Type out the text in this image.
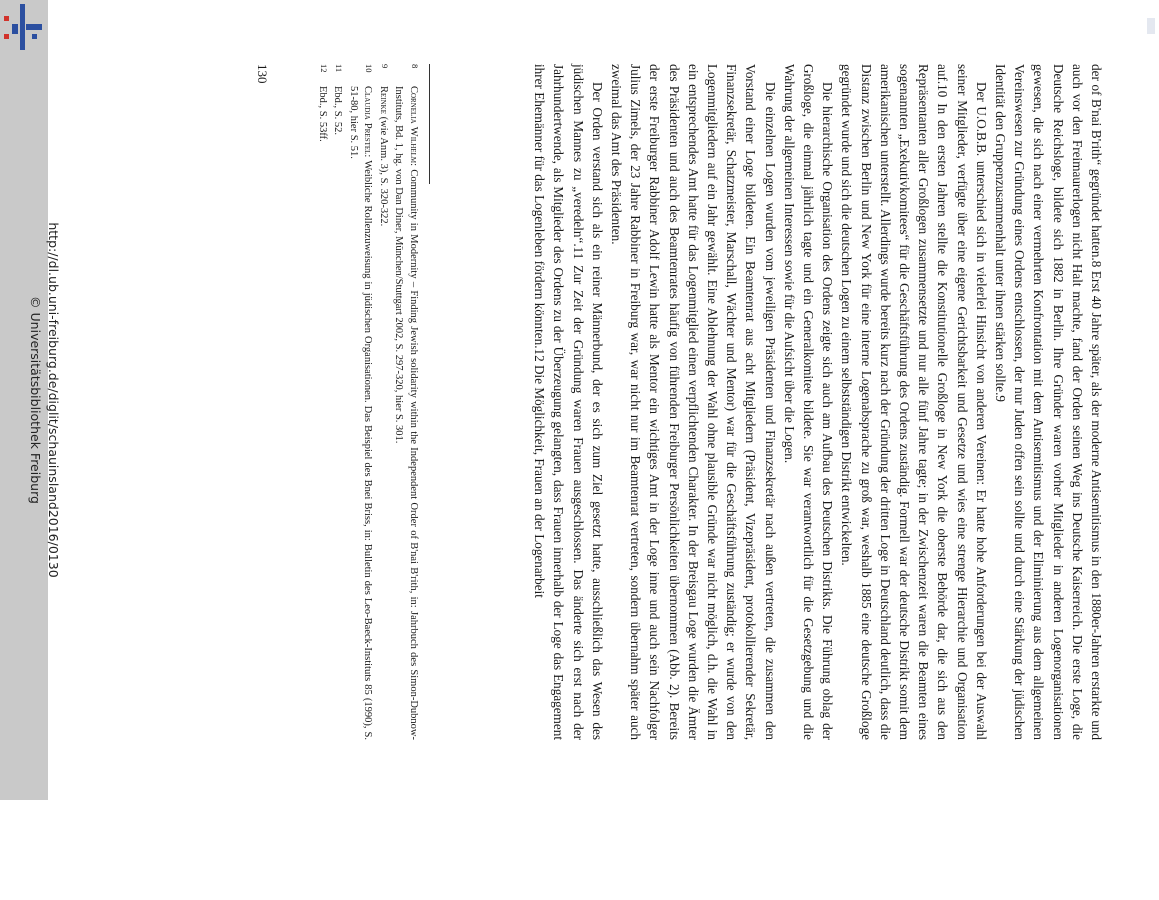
http://dl.ub.uni-freiburg.de/diglit/schauinsland2016/0130
© Universitätsbibliothek Freiburg	der of B'nai B'rith“ gegründet hatten.8 Erst 40 Jahre später, als der moderne Antisemitismus in den 1880er-Jahren erstarkte und auch vor den Freimaurerlogen nicht Halt machte, fand der Orden seinen Weg ins Deutsche Kaiserreich. Die erste Loge, die Deutsche Reichsloge, bildete sich 1882 in Berlin. Ihre Gründer waren vorher Mitglieder in anderen Logenorganisationen gewesen, die sich nach einer vermehrten Konfrontation mit dem Antisemitismus und der Eliminierung aus dem allgemeinen Vereinswesen zur Gründung eines Ordens entschlossen, der nur Juden offen sein sollte und durch eine Stärkung der jüdischen Identität den Gruppenzusammenhalt unter ihnen stärken sollte.9

Der U.O.B.B. unterschied sich in vielerlei Hinsicht von anderen Vereinen: Er hatte hohe Anforderungen bei der Auswahl seiner Mitglieder, verfügte über eine eigene Gerichtsbarkeit und Gesetze und wies eine strenge Hierarchie und Organisation auf.10 In den ersten Jahren stellte die Konstitutionelle Großloge in New York die oberste Behörde dar, die sich aus den Repräsentanten aller Großlogen zusammensetzte und nur alle fünf Jahre tagte; in der Zwischenzeit waren die Beamten eines sogenannten „Exekutivkomitees“ für die Geschäftsführung des Ordens zuständig. Formell war der deutsche Distrikt somit dem amerikanischen unterstellt. Allerdings wurde bereits kurz nach der Gründung der dritten Loge in Deutschland deutlich, dass die Distanz zwischen Berlin und New York für eine interne Logenabsprache zu groß war, weshalb 1885 eine deutsche Großloge gegründet wurde und sich die deutschen Logen zu einem selbstständigen Distrikt entwickelten.

Die hierarchische Organisation des Ordens zeigte sich auch am Aufbau des Deutschen Distrikts. Die Führung oblag der Großloge, die einmal jährlich tagte und ein Generalkomitee bildete. Sie war verantwortlich für die Gesetzgebung und die Wahrung der allgemeinen Interessen sowie für die Aufsicht über die Logen.

Die einzelnen Logen wurden vom jeweiligen Präsidenten und Finanzsekretär nach außen vertreten, die zusammen den Vorstand einer Loge bildeten. Ein Beamtenrat aus acht Mitgliedern (Präsident, Vizepräsident, protokollierender Sekretär, Finanzsekretär, Schatzmeister, Marschall, Wächter und Mentor) war für die Geschäftsführung zuständig; er wurde von den Logenmitgliedern auf ein Jahr gewählt. Eine Ablehnung der Wahl ohne plausible Gründe war nicht möglich, d.h. die Wahl in ein entsprechendes Amt hatte für das Logenmitglied einen verpflichtenden Charakter. In der Breisgau Loge wurden die Ämter des Präsidenten und auch des Beamtenrates häufig von führenden Freiburger Persönlichkeiten übernommen (Abb. 2). Bereits der erste Freiburger Rabbiner Adolf Lewin hatte als Mentor ein wichtiges Amt in der Loge inne und auch sein Nachfolger Julius Zimels, der 23 Jahre Rabbiner in Freiburg war, war nicht nur im Beamtenrat vertreten, sondern übernahm später auch zweimal das Amt des Präsidenten.

Der Orden verstand sich als ein reiner Männerbund, der es sich zum Ziel gesetzt hatte, ausschließlich das Wesen des jüdischen Mannes zu „veredeln“.11 Zur Zeit der Gründung waren Frauen ausgeschlossen. Das änderte sich erst nach der Jahrhundertwende, als Mitglieder des Ordens zu der Überzeugung gelangten, dass Frauen innerhalb der Loge das Engagement ihrer Ehemänner für das Logenleben fördern könnten.12 Die Möglichkeit, Frauen an der Logenarbeit

8
Cornelia Wilhelm: Community in Modernity – Finding Jewish solidarity within the Independent Order of B'nai B'rith, in: Jahrbuch des Simon-Dubnow-Instituts, Bd. 1, hg. von Dan Diner, München/Stuttgart 2002, S. 297-320, hier S. 301.
9
Reinke (wie Anm. 3), S. 320-322.
10
Claudia Prestel: Weibliche Rollenzuweisung in jüdischen Organisationen. Das Beispiel des Bnei Briss, in: Bulletin des Leo-Baeck-Instituts 85 (1990), S. 51-80, hier S. 51.
11
Ebd., S. 52.
12
Ebd., S. 53ff.
130
